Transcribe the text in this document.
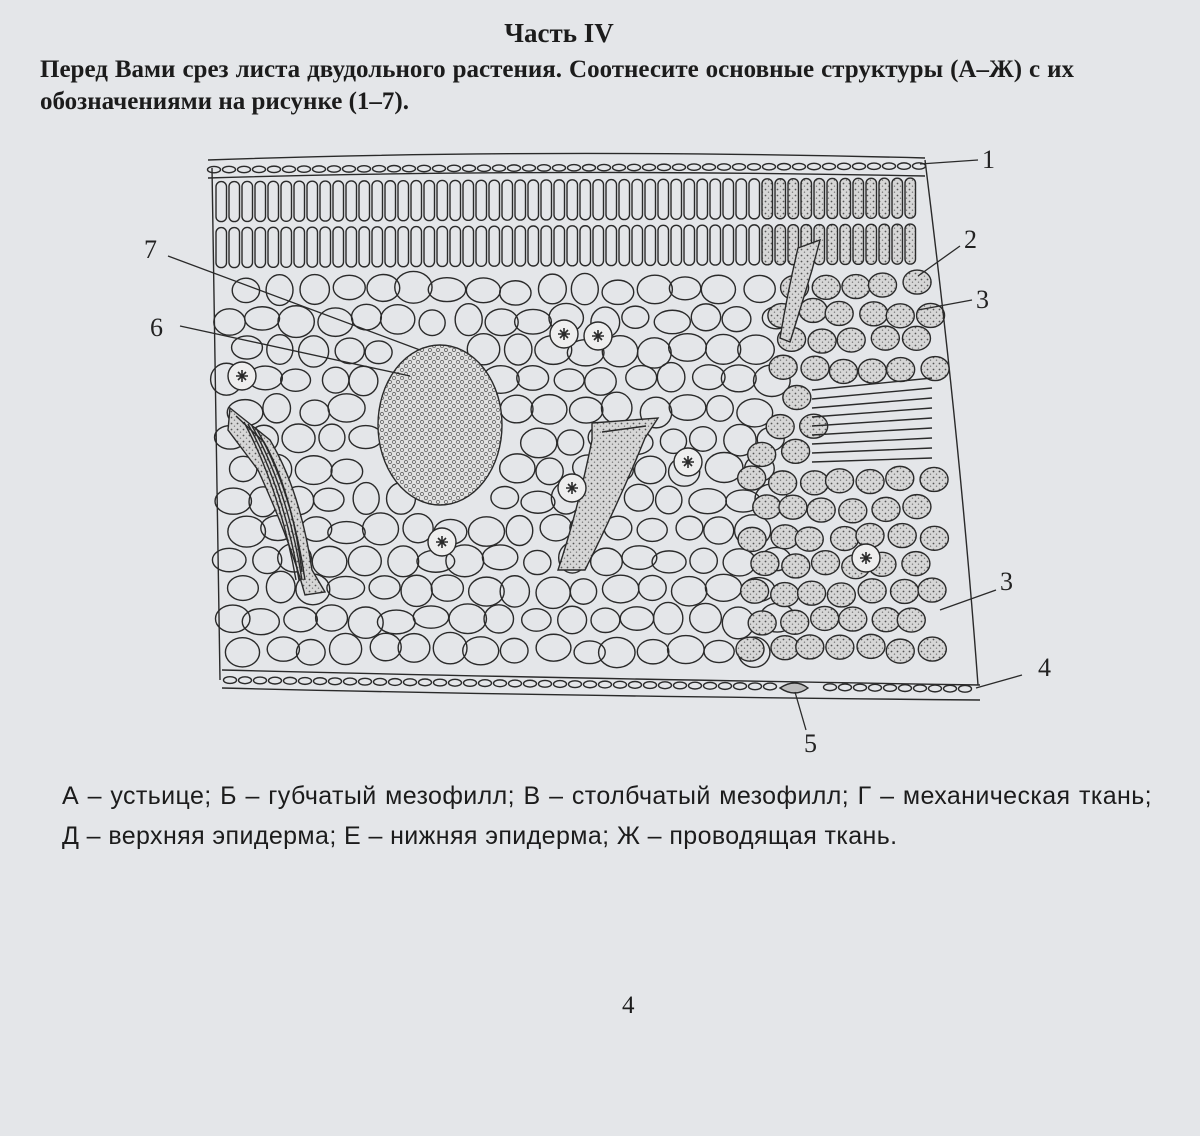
Часть IV
Перед Вами срез листа двудольного растения. Соотнесите основные структуры (А–Ж) с их обозначениями на рисунке (1–7).
1
2
3
3
4
5
6
7
А – устьице; Б – губчатый мезофилл; В – столбчатый мезофилл; Г – механическая ткань; Д – верхняя эпидерма; Е – нижняя эпидерма; Ж – проводящая ткань.
4
